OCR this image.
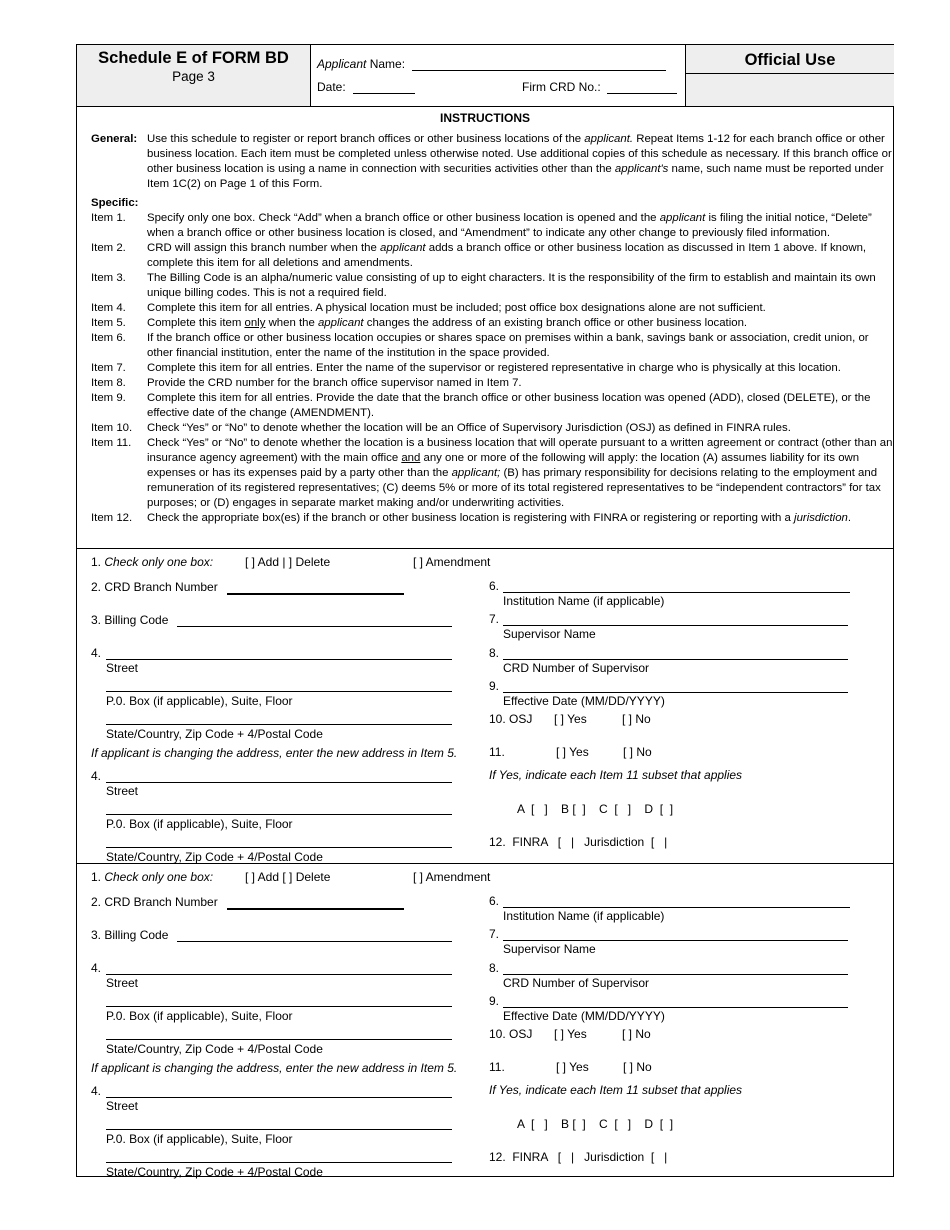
Schedule E of FORM BD
Page 3
Applicant Name:
Date:	Firm CRD No.:
Official Use
INSTRUCTIONS
General: Use this schedule to register or report branch offices or other business locations of the applicant. Repeat Items 1-12 for each branch office or other business location. Each item must be completed unless otherwise noted. Use additional copies of this schedule as necessary. If this branch office or other business location is using a name in connection with securities activities other than the applicant's name, such name must be reported under Item 1C(2) on Page 1 of this Form.
Specific:
Item 1.	Specify only one box. Check “Add” when a branch office or other business location is opened and the applicant is filing the initial notice, “Delete” when a branch office or other business location is closed, and “Amendment” to indicate any other change to previously filed information.
Item 2.	CRD will assign this branch number when the applicant adds a branch office or other business location as discussed in Item 1 above. If known, complete this item for all deletions and amendments.
Item 3.	The Billing Code is an alpha/numeric value consisting of up to eight characters. It is the responsibility of the firm to establish and maintain its own unique billing codes. This is not a required field.
Item 4.	Complete this item for all entries. A physical location must be included; post office box designations alone are not sufficient.
Item 5.	Complete this item only when the applicant changes the address of an existing branch office or other business location.
Item 6.	If the branch office or other business location occupies or shares space on premises within a bank, savings bank or association, credit union, or other financial institution, enter the name of the institution in the space provided.
Item 7.	Complete this item for all entries. Enter the name of the supervisor or registered representative in charge who is physically at this location.
Item 8.	Provide the CRD number for the branch office supervisor named in Item 7.
Item 9.	Complete this item for all entries. Provide the date that the branch office or other business location was opened (ADD), closed (DELETE), or the effective date of the change (AMENDMENT).
Item 10.	Check “Yes” or “No” to denote whether the location will be an Office of Supervisory Jurisdiction (OSJ) as defined in FINRA rules.
Item 11.	Check “Yes” or “No” to denote whether the location is a business location that will operate pursuant to a written agreement or contract (other than an insurance agency agreement) with the main office and any one or more of the following will apply: the location (A) assumes liability for its own expenses or has its expenses paid by a party other than the applicant; (B) has primary responsibility for decisions relating to the employment and remuneration of its registered representatives; (C) deems 5% or more of its total registered representatives to be “independent contractors” for tax purposes; or (D) engages in separate market making and/or underwriting activities.
Item 12.	Check the appropriate box(es) if the branch or other business location is registering with FINRA or registering or reporting with a jurisdiction.
1. Check only one box:	[ ] Add | ] Delete	[ ] Amendment
2. CRD Branch Number
3. Billing Code
4.
Street
P.0. Box (if applicable), Suite, Floor
State/Country, Zip Code + 4/Postal Code
If applicant is changing the address, enter the new address in Item 5.
4.
Street
P.0. Box (if applicable), Suite, Floor
State/Country, Zip Code + 4/Postal Code
6.
Institution Name (if applicable)
7.
Supervisor Name
8.
CRD Number of Supervisor
9.
Effective Date (MM/DD/YYYY)
10. OSJ [ ] Yes	[ ] No
11.	[ ] Yes	[ ] No
If Yes, indicate each Item 11 subset that applies
A  [   ]    B [  ]    C  [   ]    D  [  ]
12.  FINRA   [   |   Jurisdiction  [   |
1. Check only one box:	[ ] Add [ ] Delete	[ ] Amendment
2. CRD Branch Number
3. Billing Code
4.
Street
P.0. Box (if applicable), Suite, Floor
State/Country, Zip Code + 4/Postal Code
If applicant is changing the address, enter the new address in Item 5.
4.
Street
P.0. Box (if applicable), Suite, Floor
State/Country, Zip Code + 4/Postal Code
6.
Institution Name (if applicable)
7.
Supervisor Name
8.
CRD Number of Supervisor
9.
Effective Date (MM/DD/YYYY)
10. OSJ [ ] Yes	[ ] No
11.	[ ] Yes	[ ] No
If Yes, indicate each Item 11 subset that applies
A  [   ]    B [  ]    C  [   ]    D  [  ]
12.  FINRA   [   |   Jurisdiction  [   |
